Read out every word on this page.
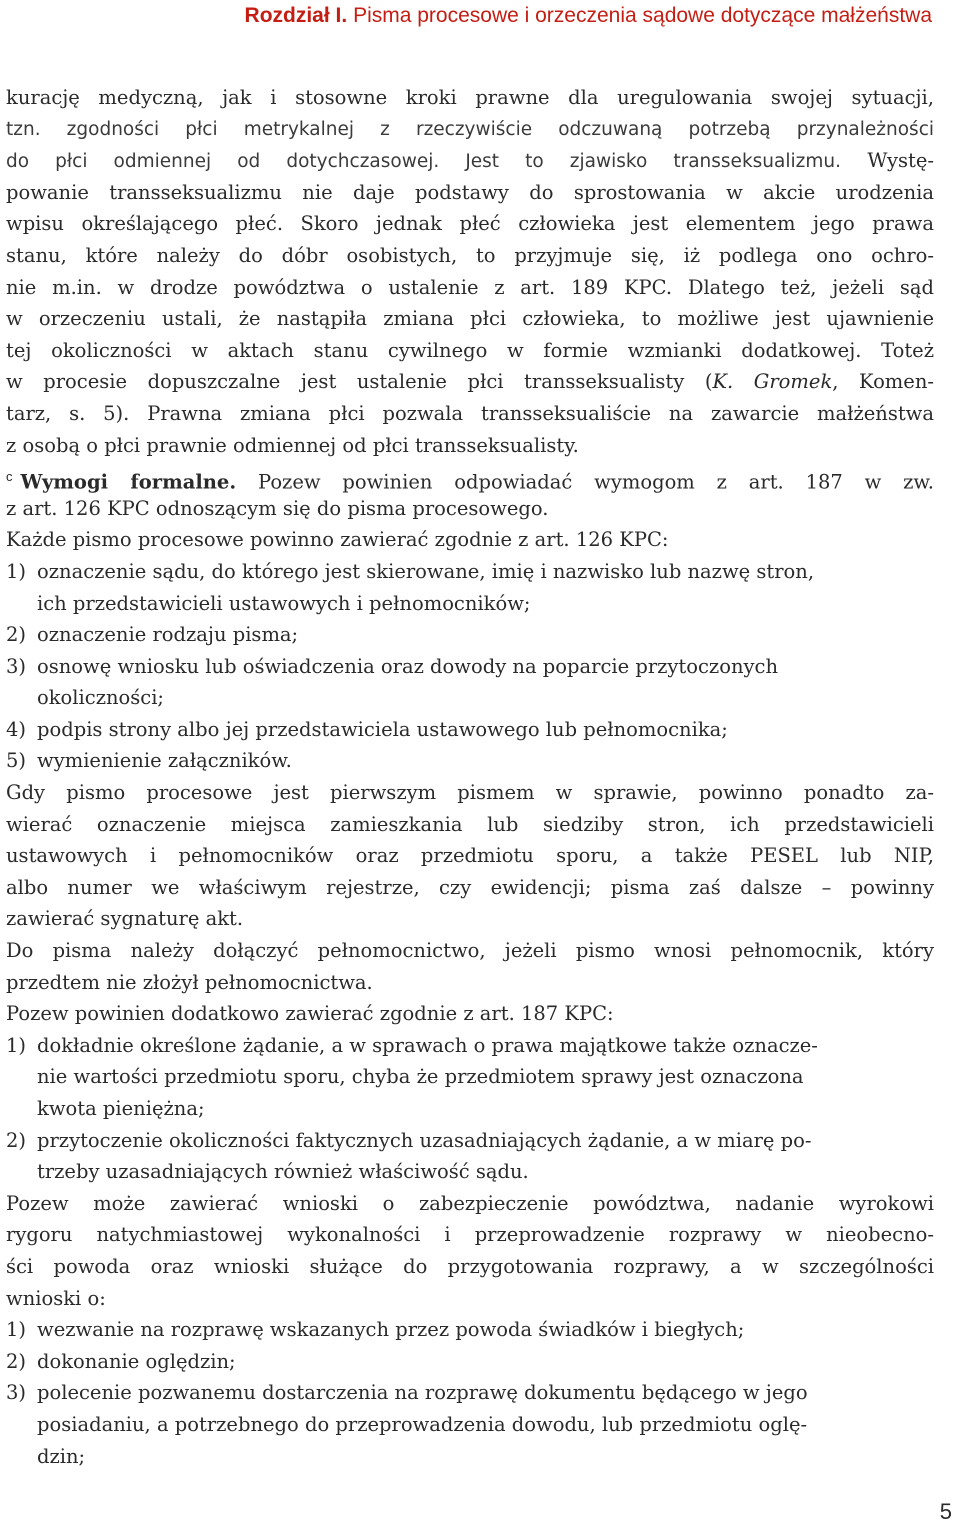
Rozdział I. Pisma procesowe i orzeczenia sądowe dotyczące małżeństwa
kurację medyczną, jak i stosowne kroki prawne dla uregulowania swojej sytuacji,
tzn. zgodności płci metrykalnej z rzeczywiście odczuwaną potrzebą przynależności
do płci odmiennej od dotychczasowej. Jest to zjawisko transseksualizmu. Wystę-
powanie transseksualizmu nie daje podstawy do sprostowania w akcie urodzenia
wpisu określającego płeć. Skoro jednak płeć człowieka jest elementem jego prawa
stanu, które należy do dóbr osobistych, to przyjmuje się, iż podlega ono ochro-
nie m.in. w drodze powództwa o ustalenie z art. 189 KPC. Dlatego też, jeżeli sąd
w orzeczeniu ustali, że nastąpiła zmiana płci człowieka, to możliwe jest ujawnienie
tej okoliczności w aktach stanu cywilnego w formie wzmianki dodatkowej. Toteż
w procesie dopuszczalne jest ustalenie płci transseksualisty (K. Gromek, Komen-
tarz, s. 5). Prawna zmiana płci pozwala transseksualiście na zawarcie małżeństwa
z osobą o płci prawnie odmiennej od płci transseksualisty.
$^c$ Wymogi formalne. Pozew powinien odpowiadać wymogom z art. 187 w zw.
z art. 126 KPC odnoszącym się do pisma procesowego.
Każde pismo procesowe powinno zawierać zgodnie z art. 126 KPC:
1) oznaczenie sądu, do którego jest skierowane, imię i nazwisko lub nazwę stron,
ich przedstawicieli ustawowych i pełnomocników;
2) oznaczenie rodzaju pisma;
3) osnowę wniosku lub oświadczenia oraz dowody na poparcie przytoczonych
okoliczności;
4) podpis strony albo jej przedstawiciela ustawowego lub pełnomocnika;
5) wymienienie załączników.
Gdy pismo procesowe jest pierwszym pismem w sprawie, powinno ponadto za-
wierać oznaczenie miejsca zamieszkania lub siedziby stron, ich przedstawicieli
ustawowych i pełnomocników oraz przedmiotu sporu, a także PESEL lub NIP,
albo numer we właściwym rejestrze, czy ewidencji; pisma zaś dalsze – powinny
zawierać sygnaturę akt.
Do pisma należy dołączyć pełnomocnictwo, jeżeli pismo wnosi pełnomocnik, który
przedtem nie złożył pełnomocnictwa.
Pozew powinien dodatkowo zawierać zgodnie z art. 187 KPC:
1) dokładnie określone żądanie, a w sprawach o prawa majątkowe także oznacze-
nie wartości przedmiotu sporu, chyba że przedmiotem sprawy jest oznaczona
kwota pieniężna;
2) przytoczenie okoliczności faktycznych uzasadniających żądanie, a w miarę po-
trzeby uzasadniających również właściwość sądu.
Pozew może zawierać wnioski o zabezpieczenie powództwa, nadanie wyrokowi
rygoru natychmiastowej wykonalności i przeprowadzenie rozprawy w nieobecno-
ści powoda oraz wnioski służące do przygotowania rozprawy, a w szczególności
wnioski o:
1) wezwanie na rozprawę wskazanych przez powoda świadków i biegłych;
2) dokonanie oględzin;
3) polecenie pozwanemu dostarczenia na rozprawę dokumentu będącego w jego
posiadaniu, a potrzebnego do przeprowadzenia dowodu, lub przedmiotu oglę-
dzin;
5
